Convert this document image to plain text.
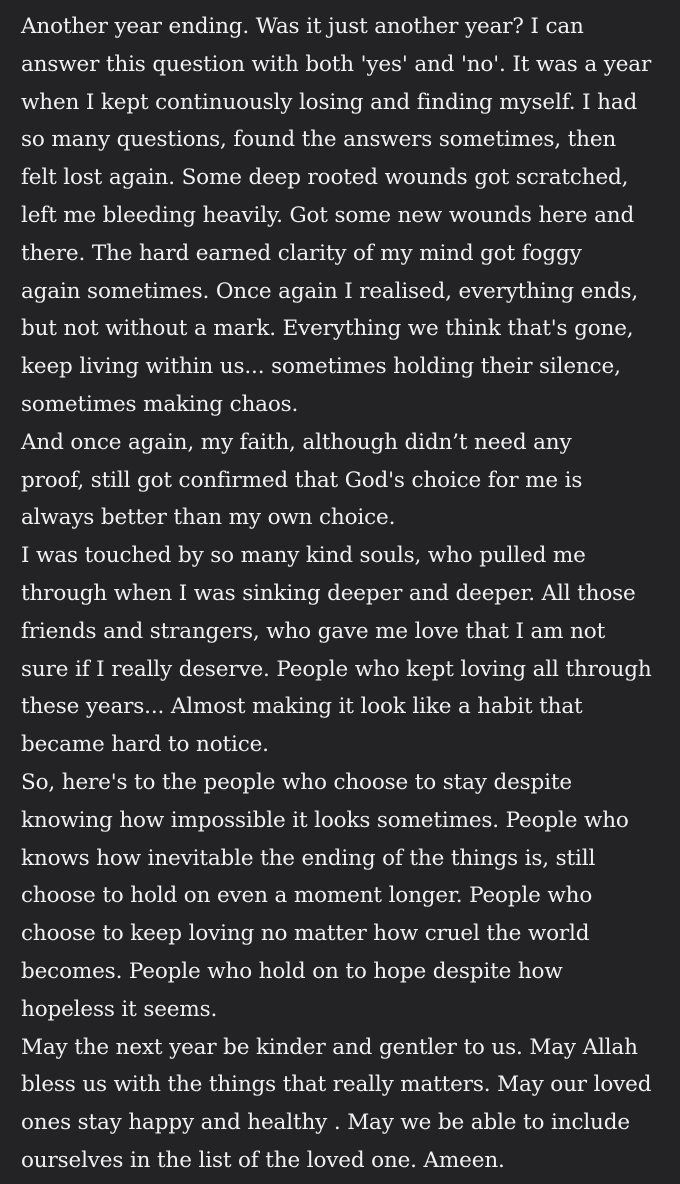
Another year ending. Was it just another year? I can

answer this question with both 'yes' and 'no'. It was a year

when I kept continuously losing and finding myself. I had

so many questions, found the answers sometimes, then

felt lost again. Some deep rooted wounds got scratched,

left me bleeding heavily. Got some new wounds here and

there. The hard earned clarity of my mind got foggy

again sometimes. Once again I realised, everything ends,

but not without a mark. Everything we think that's gone,

keep living within us... sometimes holding their silence,

sometimes making chaos.

And once again, my faith, although didn’t need any

proof, still got confirmed that God's choice for me is

always better than my own choice.

I was touched by so many kind souls, who pulled me

through when I was sinking deeper and deeper. All those

friends and strangers, who gave me love that I am not

sure if I really deserve. People who kept loving all through

these years... Almost making it look like a habit that

became hard to notice.

So, here's to the people who choose to stay despite

knowing how impossible it looks sometimes. People who

knows how inevitable the ending of the things is, still

choose to hold on even a moment longer. People who

choose to keep loving no matter how cruel the world

becomes. People who hold on to hope despite how

hopeless it seems.

May the next year be kinder and gentler to us. May Allah

bless us with the things that really matters. May our loved

ones stay happy and healthy . May we be able to include

ourselves in the list of the loved one. Ameen.
